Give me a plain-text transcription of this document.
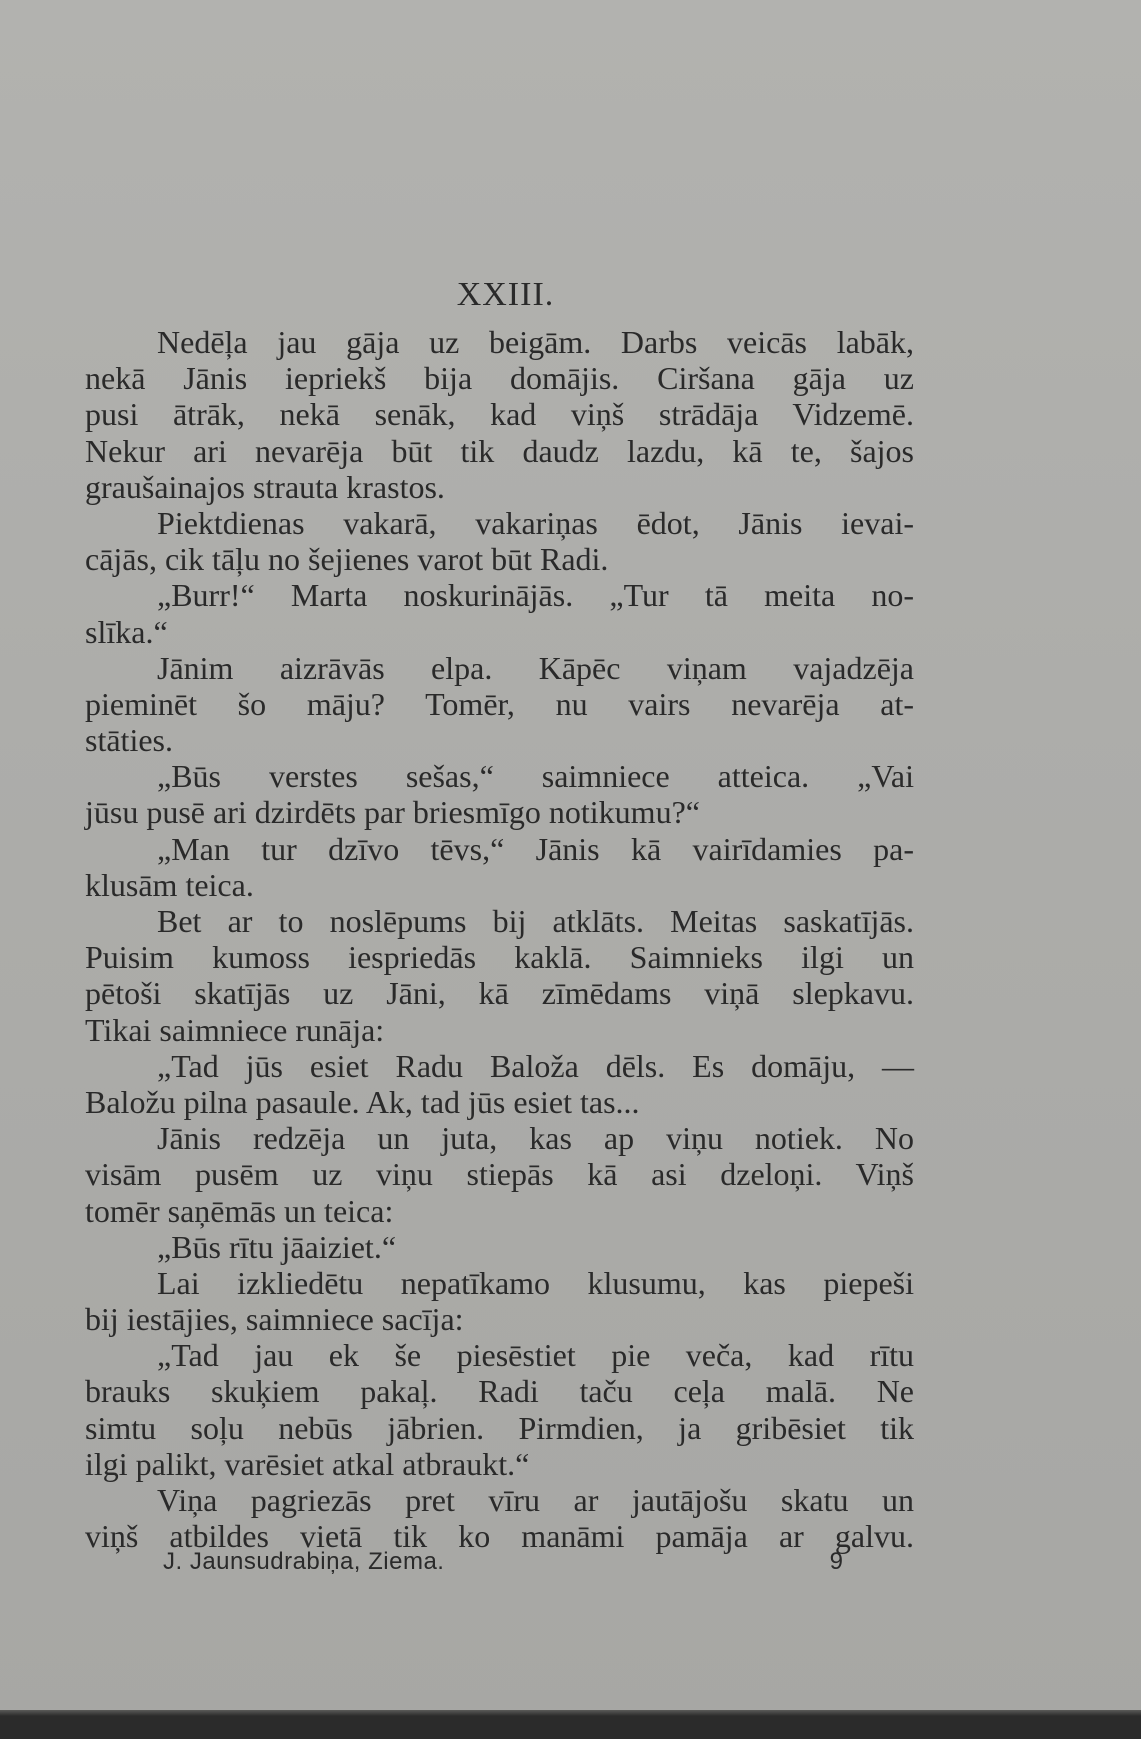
XXIII.
Nedēļa jau gāja uz beigām. Darbs veicās labāk,
nekā Jānis iepriekš bija domājis. Ciršana gāja uz
pusi ātrāk, nekā senāk, kad viņš strādāja Vidzemē.
Nekur ari nevarēja būt tik daudz lazdu, kā te, šajos
graušainajos strauta krastos.
Piektdienas vakarā, vakariņas ēdot, Jānis ievai-
cājās, cik tāļu no šejienes varot būt Radi.
„Burr!“ Marta noskurinājās. „Tur tā meita no-
slīka.“
Jānim aizrāvās elpa. Kāpēc viņam vajadzēja
pieminēt šo māju? Tomēr, nu vairs nevarēja at-
stāties.
„Būs verstes sešas,“ saimniece atteica. „Vai
jūsu pusē ari dzirdēts par briesmīgo notikumu?“
„Man tur dzīvo tēvs,“ Jānis kā vairīdamies pa-
klusām teica.
Bet ar to noslēpums bij atklāts. Meitas saskatījās.
Puisim kumoss iespriedās kaklā. Saimnieks ilgi un
pētoši skatījās uz Jāni, kā zīmēdams viņā slepkavu.
Tikai saimniece runāja:
„Tad jūs esiet Radu Baloža dēls. Es domāju, —
Baložu pilna pasaule. Ak, tad jūs esiet tas...
Jānis redzēja un juta, kas ap viņu notiek. No
visām pusēm uz viņu stiepās kā asi dzeloņi. Viņš
tomēr saņēmās un teica:
„Būs rītu jāaiziet.“
Lai izkliedētu nepatīkamo klusumu, kas piepeši
bij iestājies, saimniece sacīja:
„Tad jau ek še piesēstiet pie veča, kad rītu
brauks skuķiem pakaļ. Radi taču ceļa malā. Ne
simtu soļu nebūs jābrien. Pirmdien, ja gribēsiet tik
ilgi palikt, varēsiet atkal atbraukt.“
Viņa pagriezās pret vīru ar jautājošu skatu un
viņš atbildes vietā tik ko manāmi pamāja ar galvu.
J. Jaunsudrabiņa, Ziema.	9
